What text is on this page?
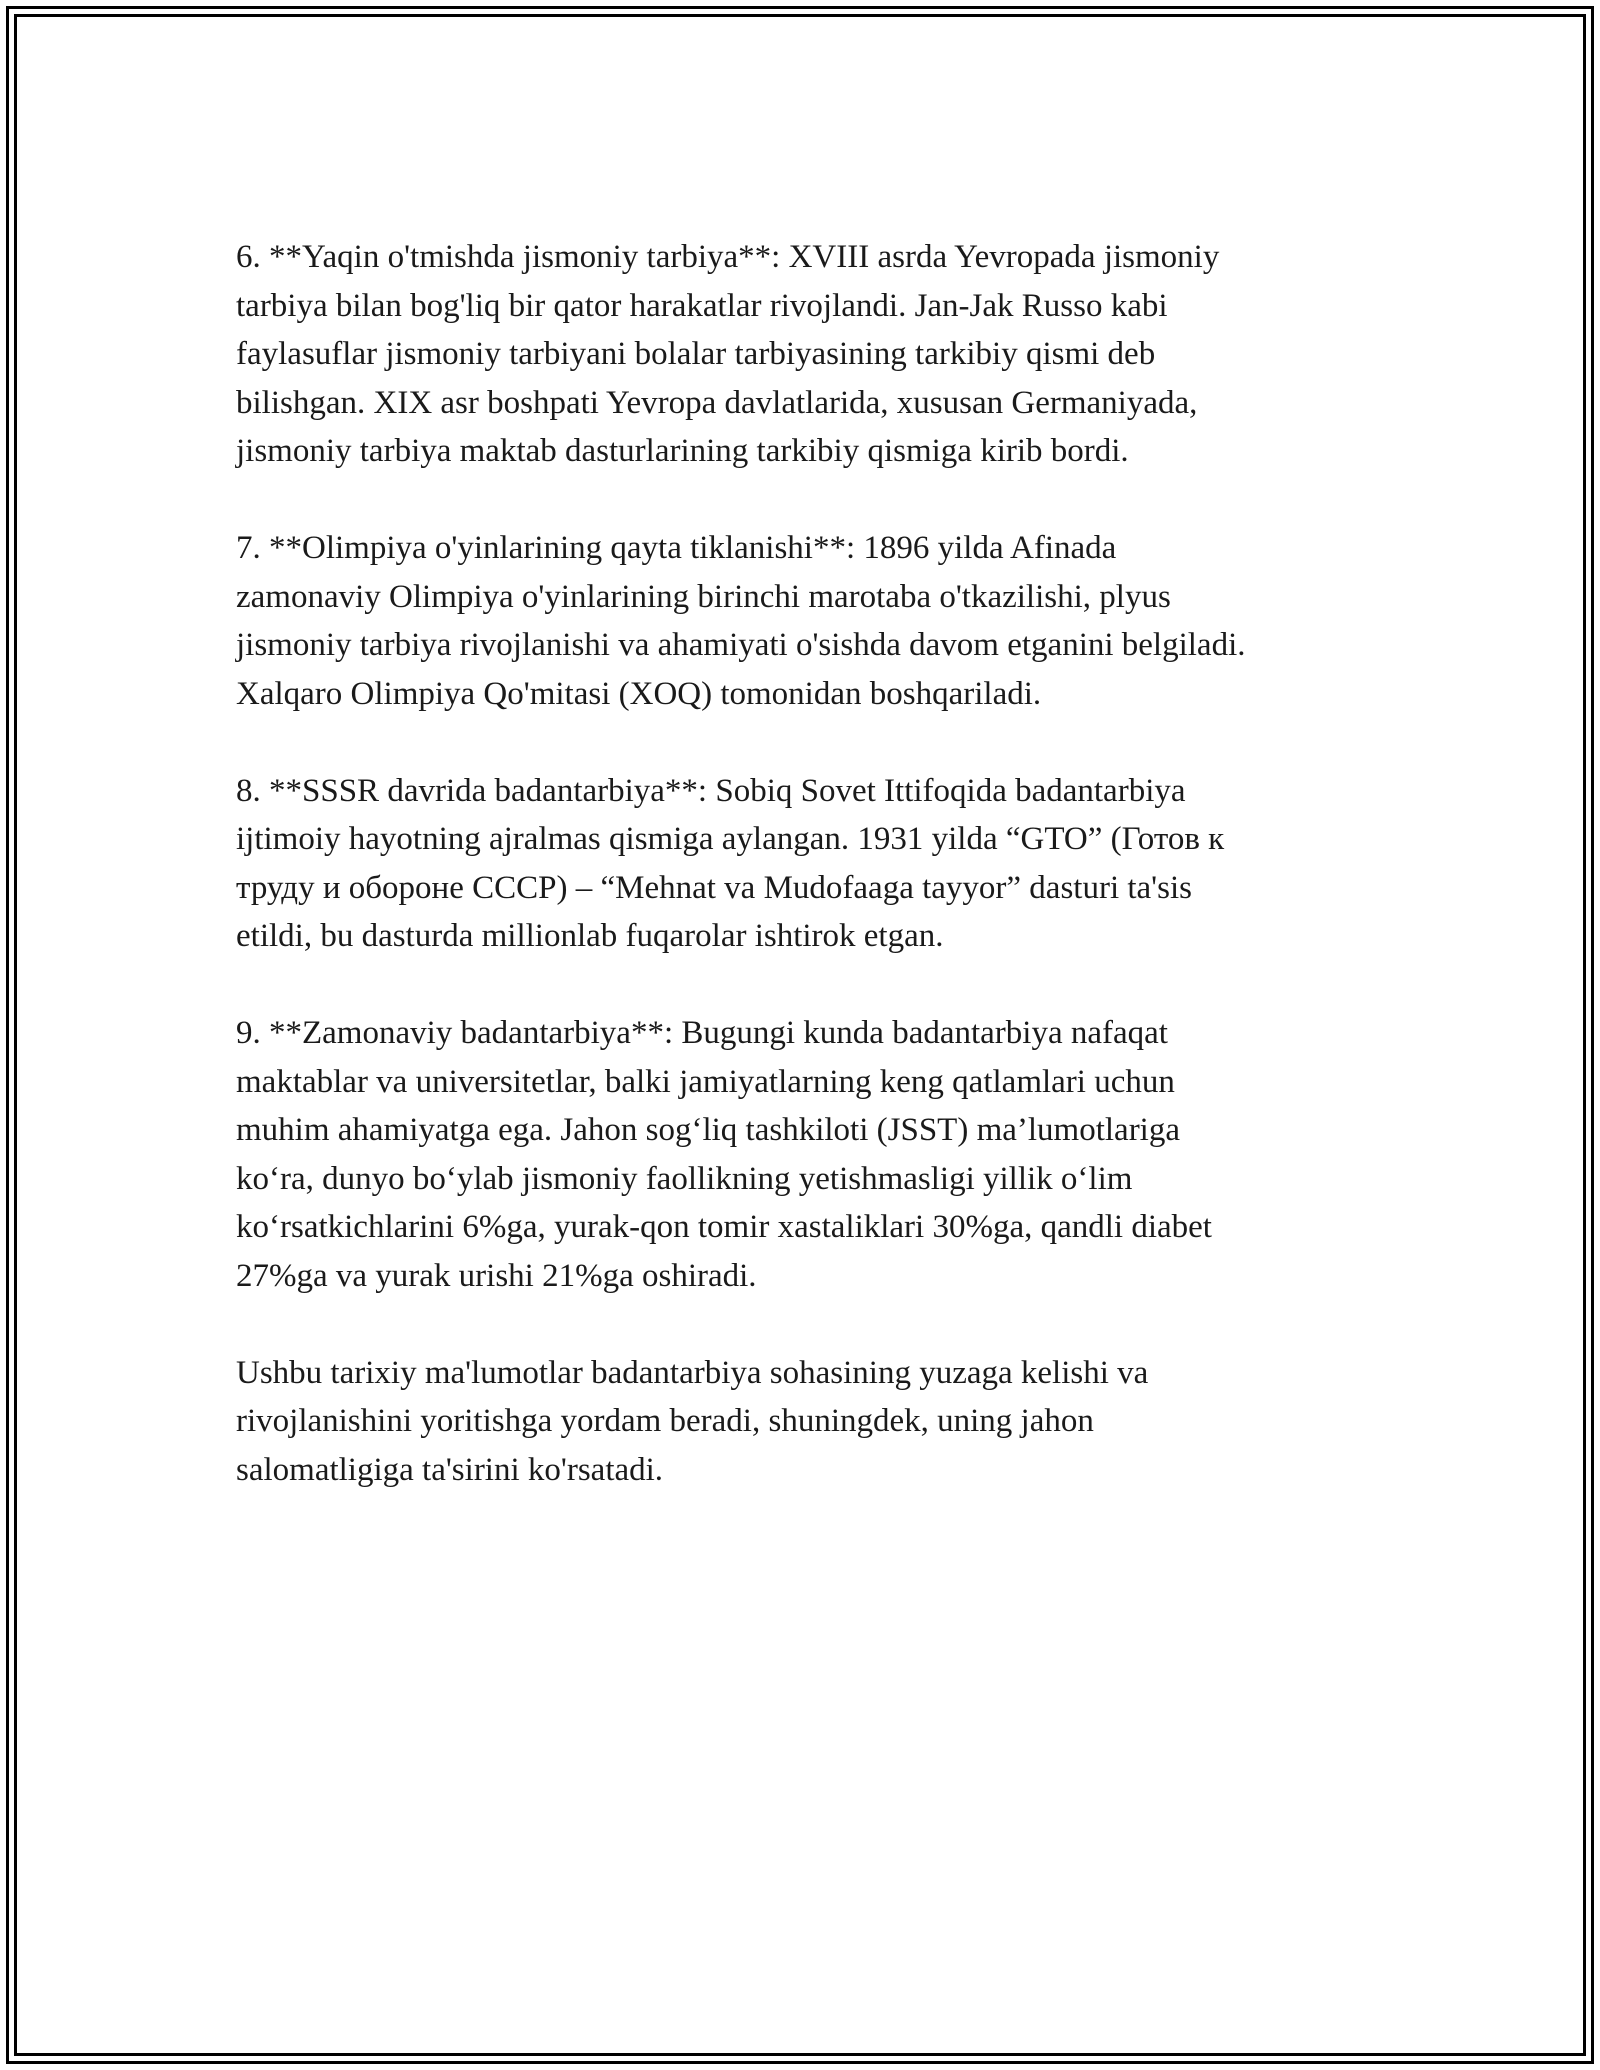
6. **Yaqin o'tmishda jismoniy tarbiya**: XVIII asrda Yevropada jismoniy
tarbiya bilan bog'liq bir qator harakatlar rivojlandi. Jan-Jak Russo kabi
faylasuflar jismoniy tarbiyani bolalar tarbiyasining tarkibiy qismi deb
bilishgan. XIX asr boshpati Yevropa davlatlarida, xususan Germaniyada,
jismoniy tarbiya maktab dasturlarining tarkibiy qismiga kirib bordi.

7. **Olimpiya o'yinlarining qayta tiklanishi**: 1896 yilda Afinada
zamonaviy Olimpiya o'yinlarining birinchi marotaba o'tkazilishi, plyus
jismoniy tarbiya rivojlanishi va ahamiyati o'sishda davom etganini belgiladi.
Xalqaro Olimpiya Qo'mitasi (XOQ) tomonidan boshqariladi.

8. **SSSR davrida badantarbiya**: Sobiq Sovet Ittifoqida badantarbiya
ijtimoiy hayotning ajralmas qismiga aylangan. 1931 yilda “GTO” (Готов к
труду и обороне СССР) – “Mehnat va Mudofaaga tayyor” dasturi ta'sis
etildi, bu dasturda millionlab fuqarolar ishtirok etgan.

9. **Zamonaviy badantarbiya**: Bugungi kunda badantarbiya nafaqat
maktablar va universitetlar, balki jamiyatlarning keng qatlamlari uchun
muhim ahamiyatga ega. Jahon sog‘liq tashkiloti (JSST) ma’lumotlariga
ko‘ra, dunyo bo‘ylab jismoniy faollikning yetishmasligi yillik o‘lim
ko‘rsatkichlarini 6%ga, yurak-qon tomir xastaliklari 30%ga, qandli diabet
27%ga va yurak urishi 21%ga oshiradi.

Ushbu tarixiy ma'lumotlar badantarbiya sohasining yuzaga kelishi va
rivojlanishini yoritishga yordam beradi, shuningdek, uning jahon
salomatligiga ta'sirini ko'rsatadi.
